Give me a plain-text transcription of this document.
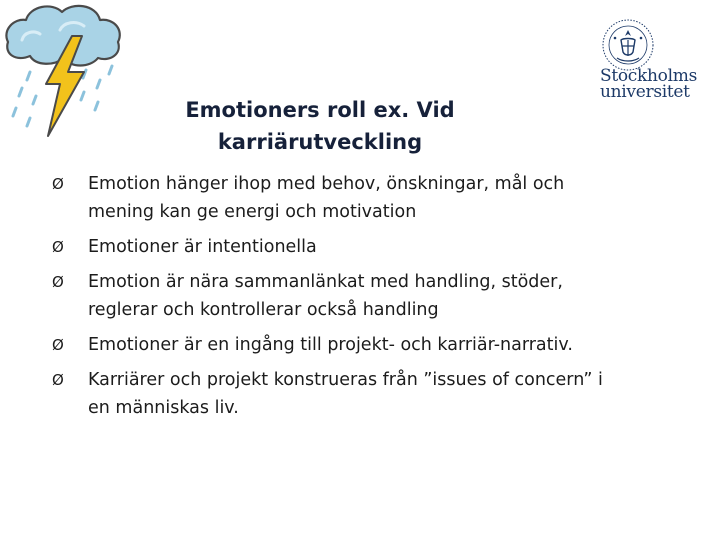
Stockholms
universitet
Emotioners roll ex. Vid karriärutveckling
Ø Emotion hänger ihop med behov, önskningar, mål och mening kan ge energi och motivation
Ø Emotioner är intentionella
Ø Emotion är nära sammanlänkat med handling, stöder, reglerar och kontrollerar också handling
Ø Emotioner är en ingång till projekt- och karriär-narrativ.
Ø Karriärer och projekt konstrueras från ”issues of concern” i en människas liv.
